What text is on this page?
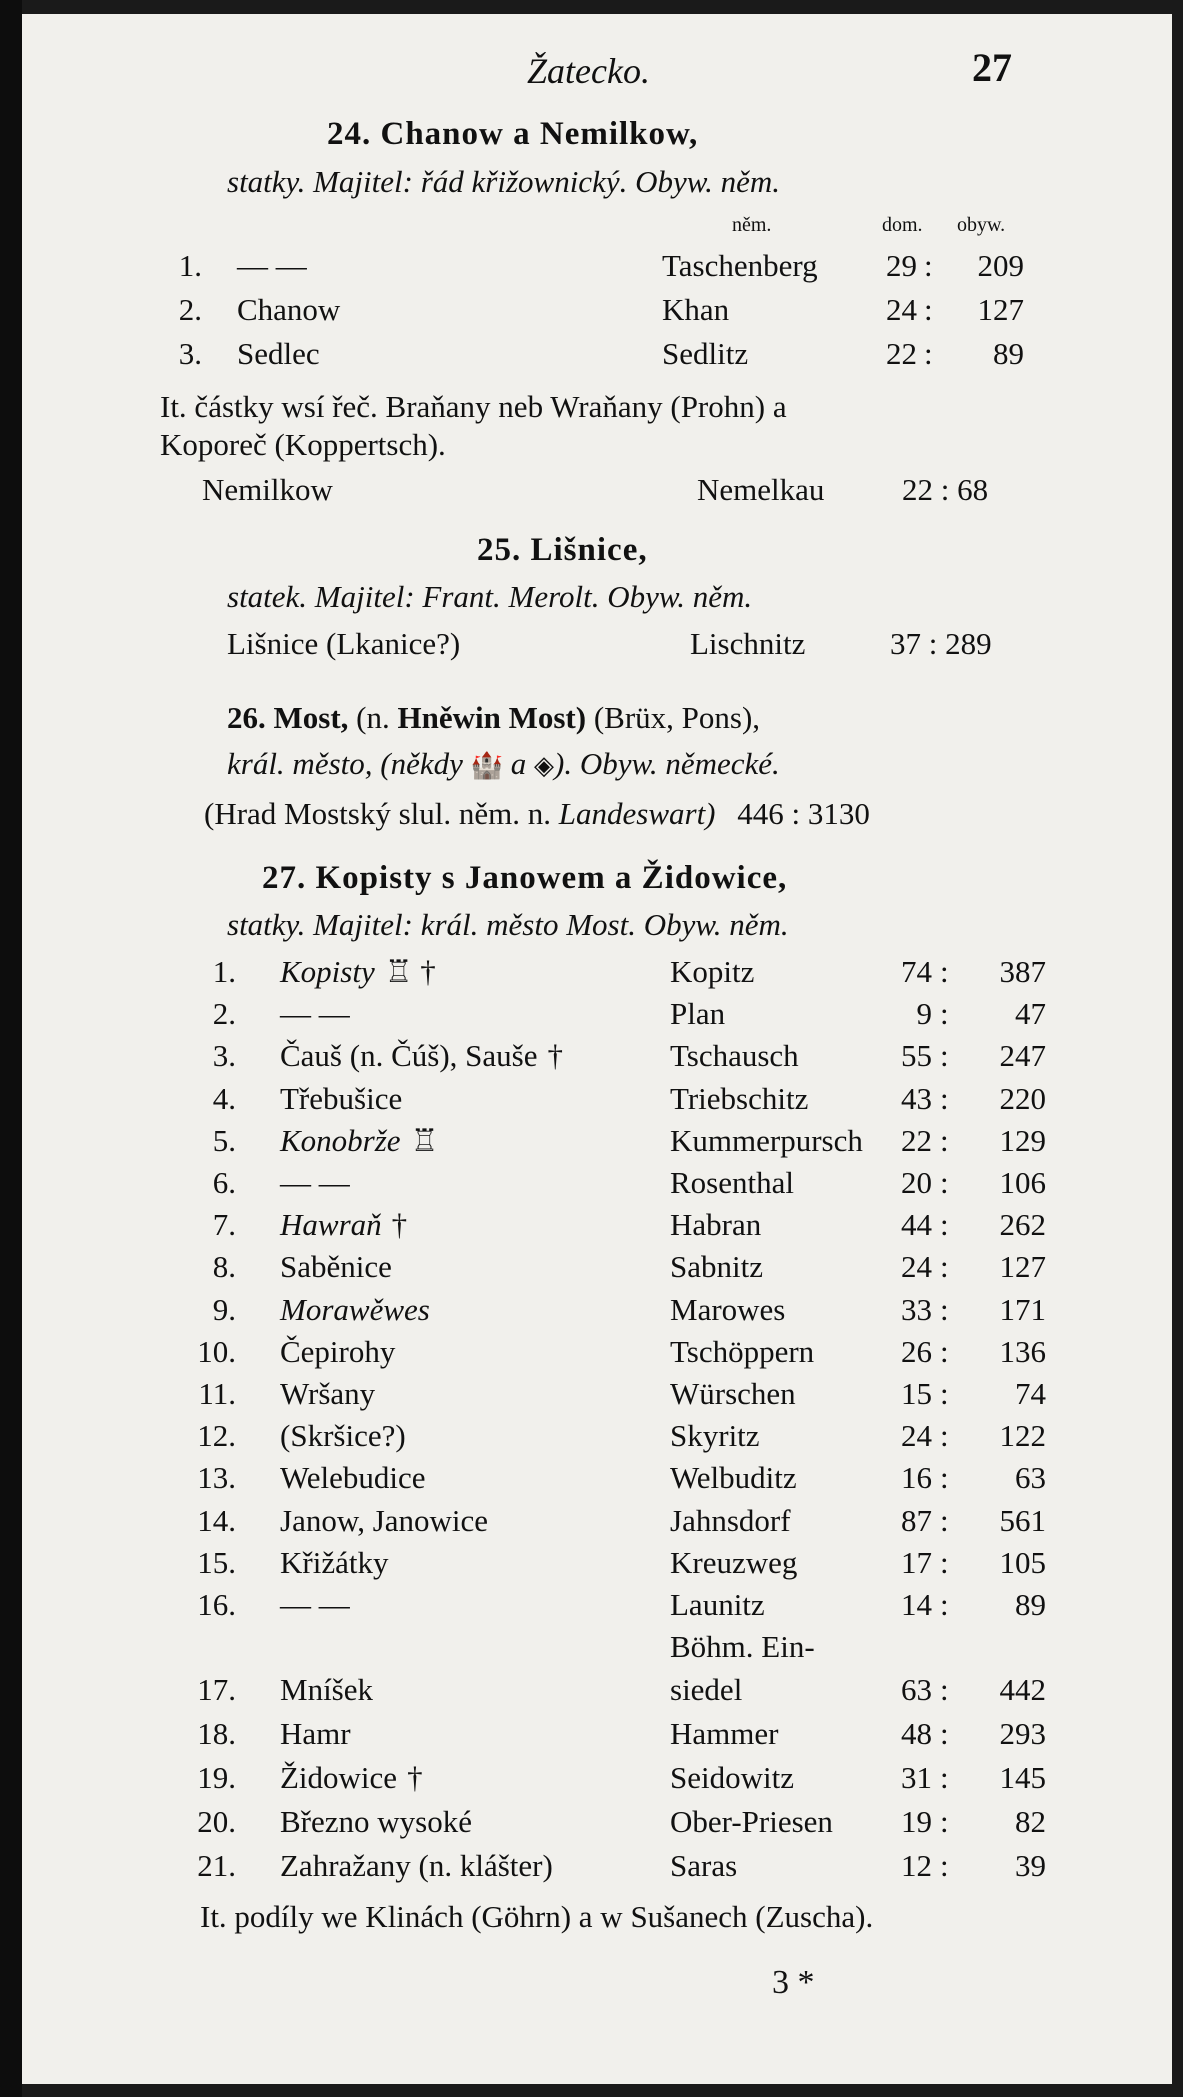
Žatecko.	27
24. Chanow a Nemilkow,
statky. Majitel: řád křižownický. Obyw. něm.
něm.	dom. obyw.
1. — —	Taschenberg	29 :	209
2. Chanow	Khan	24 :	127
3. Sedlec	Sedlitz	22 :	89
It. částky wsí řeč. Braňany neb Wraňany (Prohn) a
Koporeč (Koppertsch).
Nemilkow	Nemelkau	22 : 68
25. Lišnice,
statek. Majitel: Frant. Merolt. Obyw. něm.
Lišnice (Lkanice?)	Lischnitz	37 : 289
26. Most, (n. Hněwin Most) (Brüx, Pons),
král. město, (někdy 🏰 a ◈). Obyw. německé.
(Hrad Mostský slul. něm. n. Landeswart) 446 : 3130
27. Kopisty s Janowem a Židowice,
statky. Majitel: král. město Most. Obyw. něm.
1. Kopisty ♖ †	Kopitz	74 :	387
2. — —	Plan	9 :	47
3. Čauš (n. Čúš), Sauše †	Tschausch	55 :	247
4. Třebušice	Triebschitz	43 :	220
5. Konobrže ♖	Kummerpursch	22 :	129
6. — —	Rosenthal	20 :	106
7. Hawraň †	Habran	44 :	262
8. Saběnice	Sabnitz	24 :	127
9. Morawěwes	Marowes	33 :	171
10. Čepirohy	Tschöppern	26 :	136
11. Wršany	Würschen	15 :	74
12. (Skršice?)	Skyritz	24 :	122
13. Welebudice	Welbuditz	16 :	63
14. Janow, Janowice	Jahnsdorf	87 :	561
15. Křižátky	Kreuzweg	17 :	105
16. — —	Launitz	14 :	89
Böhm. Ein-
17. Mníšek	siedel	63 :	442
18. Hamr	Hammer	48 :	293
19. Židowice †	Seidowitz	31 :	145
20. Březno wysoké	Ober-Priesen	19 :	82
21. Zahražany (n. klášter)	Saras	12 :	39
It. podíly we Klinách (Göhrn) a w Sušanech (Zuscha).
3 *
